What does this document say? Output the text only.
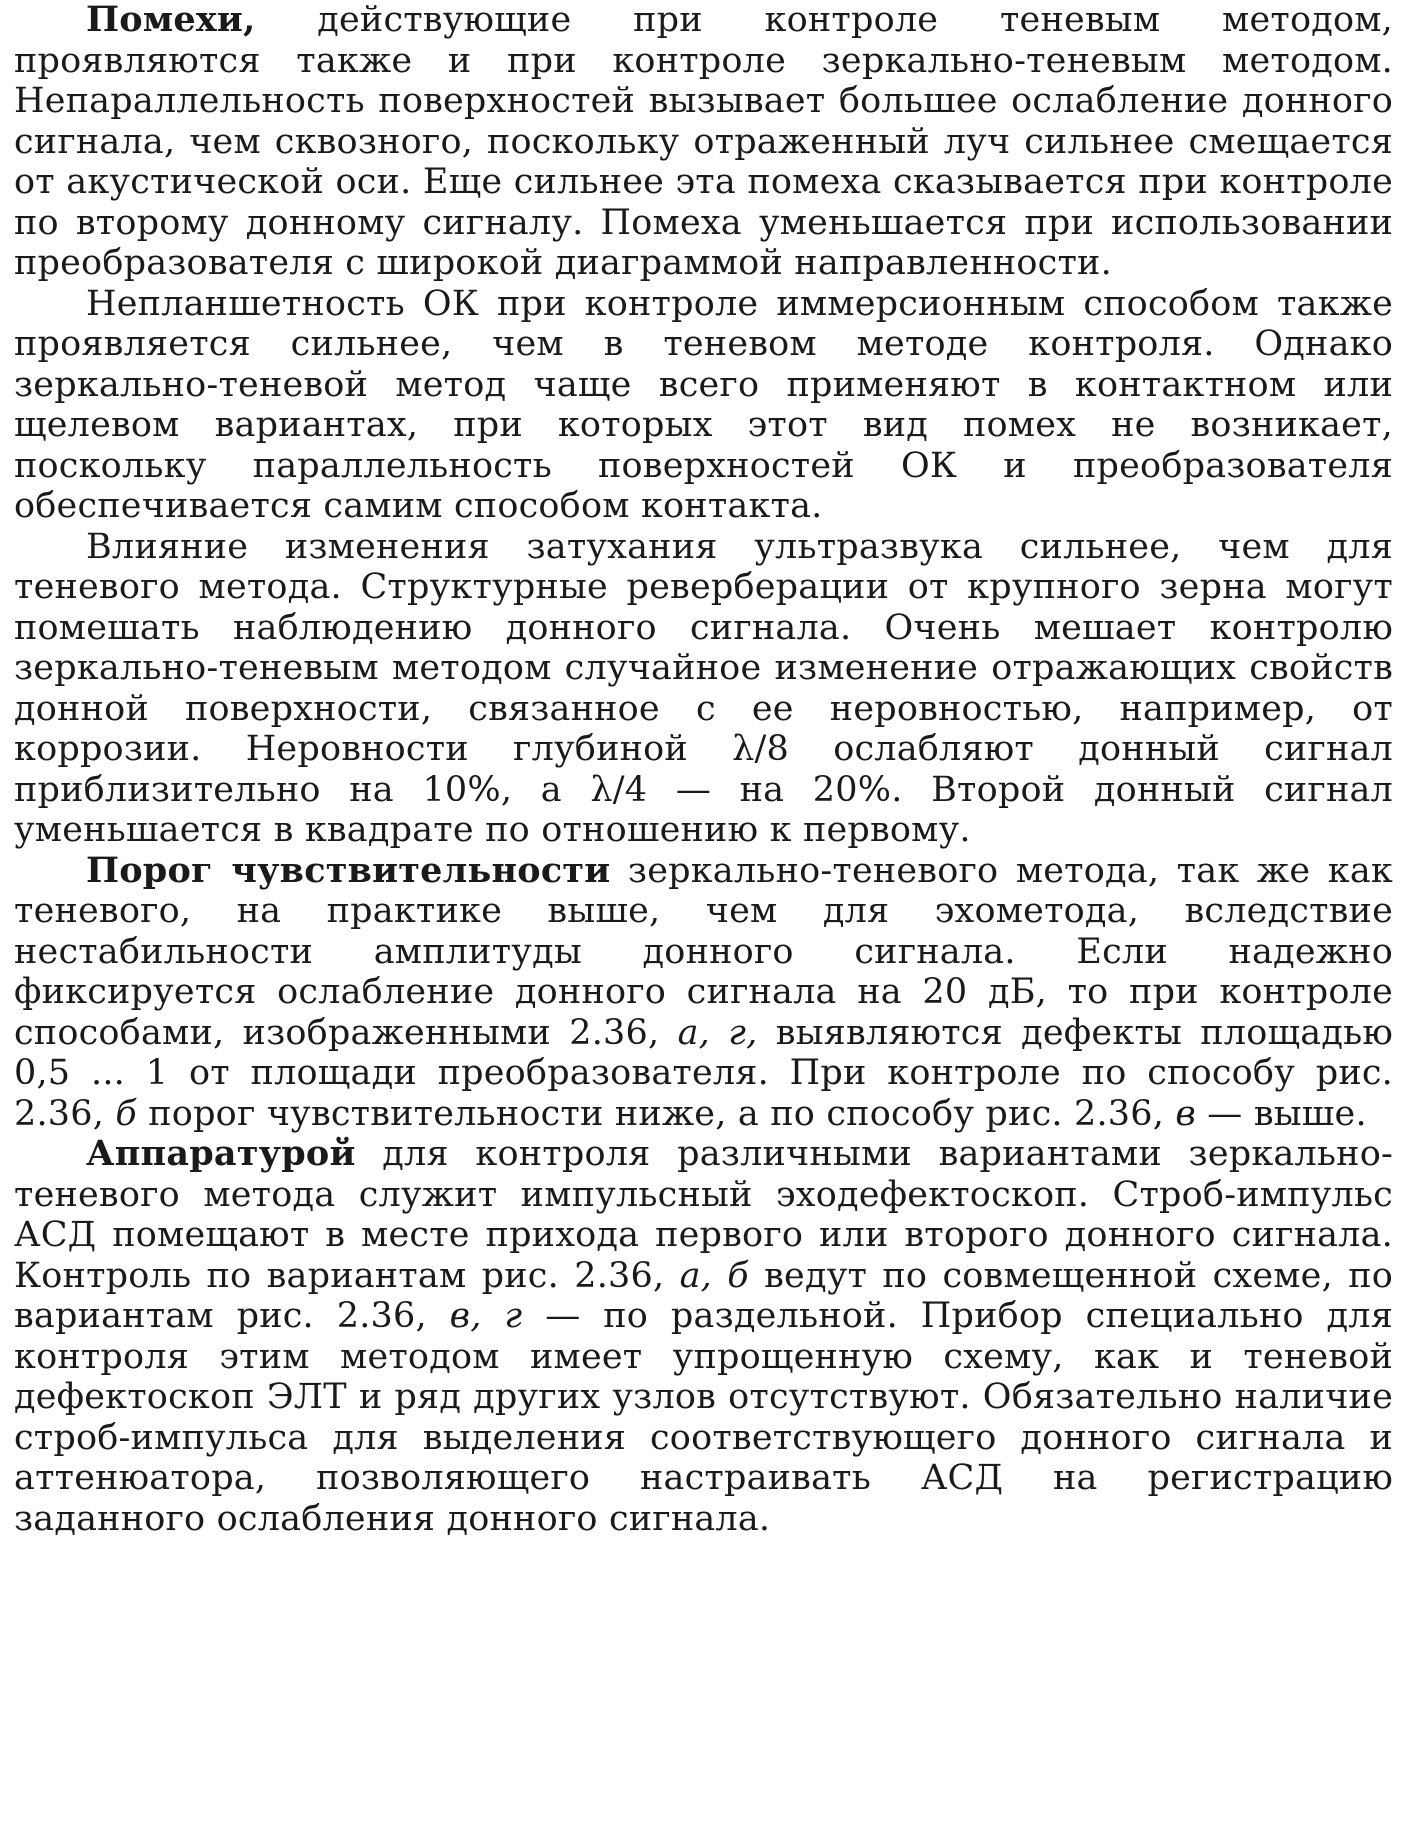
Помехи, действующие при контроле теневым методом, проявляются также и при контроле зеркально-теневым методом. Непараллельность поверхностей вызывает большее ослабление донного сигнала, чем сквозного, поскольку отраженный луч сильнее смещается от акустической оси. Еще сильнее эта помеха сказывается при контроле по второму донному сигналу. Помеха уменьшается при использовании преобразователя с широкой диаграммой направленности.

Непланшетность ОК при контроле иммерсионным способом также проявляется сильнее, чем в теневом методе контроля. Однако зеркально-теневой метод чаще всего применяют в контактном или щелевом вариантах, при которых этот вид помех не возникает, поскольку параллельность поверхностей ОК и преобразователя обеспечивается самим способом контакта.

Влияние изменения затухания ультразвука сильнее, чем для теневого метода. Структурные реверберации от крупного зерна могут помешать наблюдению донного сигнала. Очень мешает контролю зеркально-теневым методом случайное изменение отражающих свойств донной поверхности, связанное с ее неровностью, например, от коррозии. Неровности глубиной λ/8 ослабляют донный сигнал приблизительно на 10%, а λ/4 — на 20%. Второй донный сигнал уменьшается в квадрате по отношению к первому.

Порог чувствительности зеркально-теневого метода, так же как теневого, на практике выше, чем для эхометода, вследствие нестабильности амплитуды донного сигнала. Если надежно фиксируется ослабление донного сигнала на 20 дБ, то при контроле способами, изображенными 2.36, а, г, выявляются дефекты площадью 0,5 ... 1 от площади преобразователя. При контроле по способу рис. 2.36, б порог чувствительности ниже, а по способу рис. 2.36, в — выше.

Аппаратурой для контроля различными вариантами зеркально-теневого метода служит импульсный эходефектоскоп. Строб-импульс АСД помещают в месте прихода первого или второго донного сигнала. Контроль по вариантам рис. 2.36, а, б ведут по совмещенной схеме, по вариантам рис. 2.36, в, г — по раздельной. Прибор специально для контроля этим методом имеет упрощенную схему, как и теневой дефектоскоп ЭЛТ и ряд других узлов отсутствуют. Обязательно наличие строб-импульса для выделения соответствующего донного сигнала и аттенюатора, позволяющего настраивать АСД на регистрацию заданного ослабления донного сигнала.
